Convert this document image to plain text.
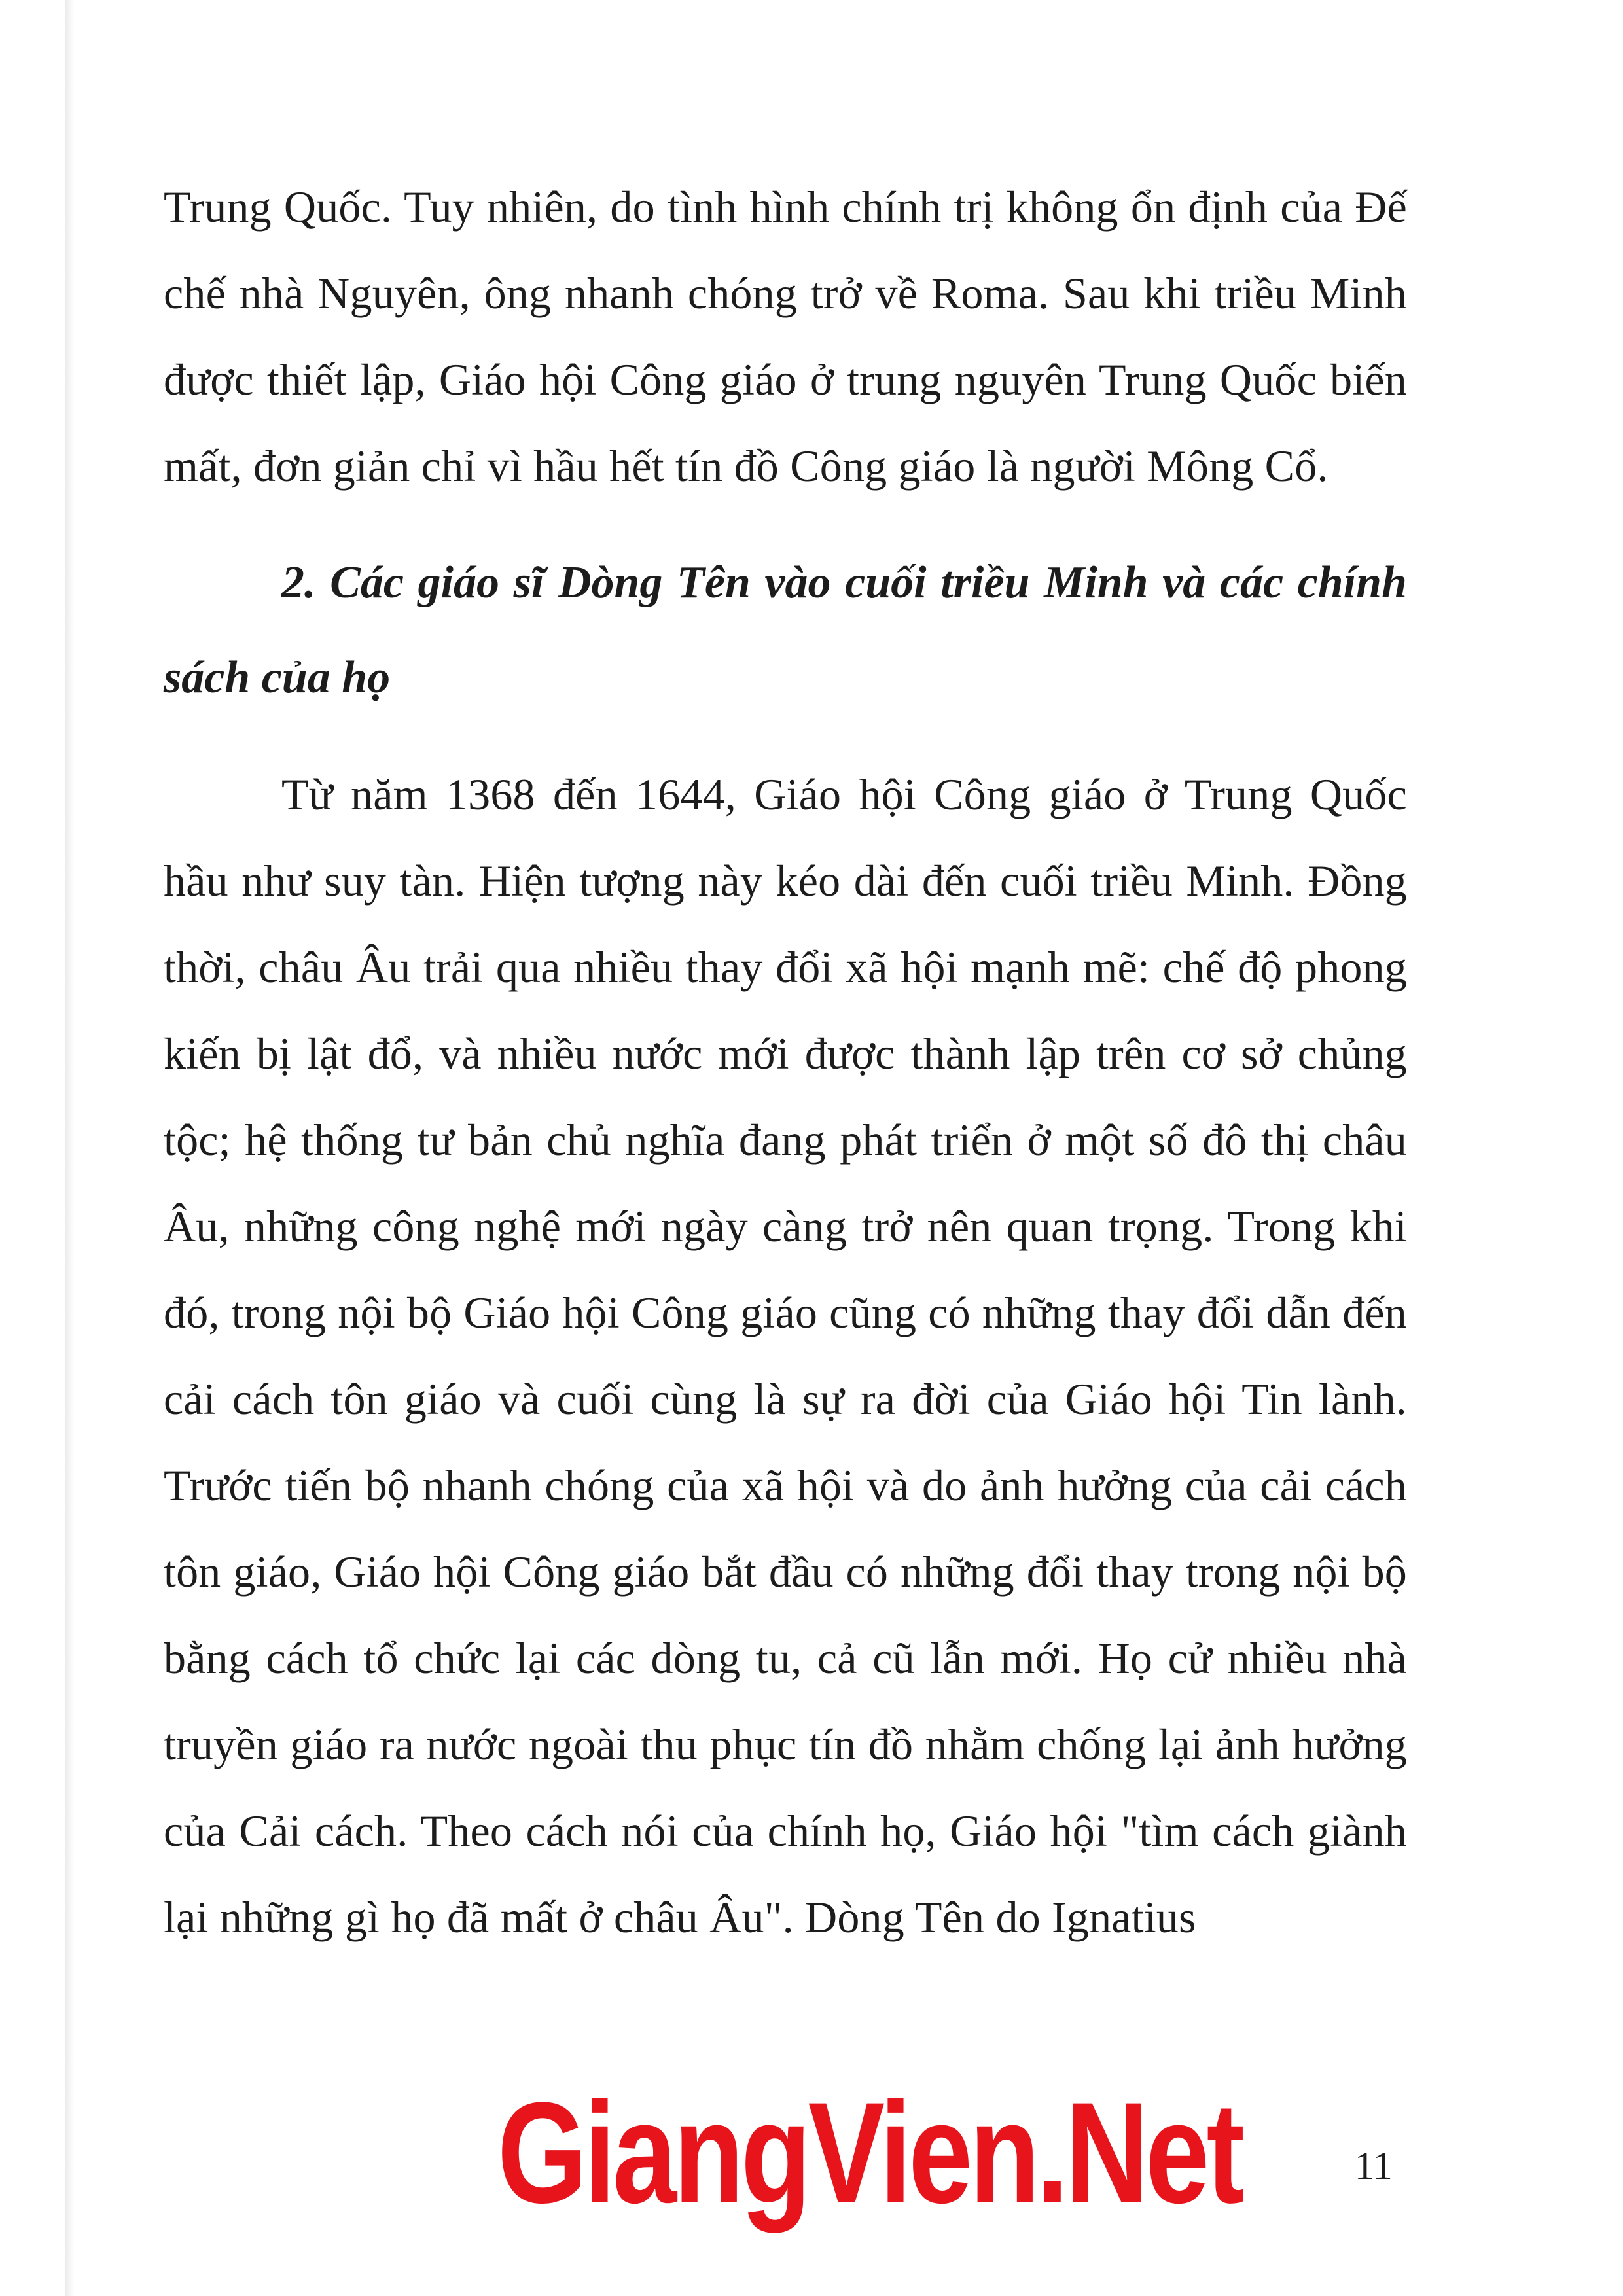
Trung Quốc. Tuy nhiên, do tình hình chính trị không ổn định của Đế chế nhà Nguyên, ông nhanh chóng trở về Roma. Sau khi triều Minh được thiết lập, Giáo hội Công giáo ở trung nguyên Trung Quốc biến mất, đơn giản chỉ vì hầu hết tín đồ Công giáo là người Mông Cổ.

2. Các giáo sĩ Dòng Tên vào cuối triều Minh và các chính sách của họ

Từ năm 1368 đến 1644, Giáo hội Công giáo ở Trung Quốc hầu như suy tàn. Hiện tượng này kéo dài đến cuối triều Minh. Đồng thời, châu Âu trải qua nhiều thay đổi xã hội mạnh mẽ: chế độ phong kiến bị lật đổ, và nhiều nước mới được thành lập trên cơ sở chủng tộc; hệ thống tư bản chủ nghĩa đang phát triển ở một số đô thị châu Âu, những công nghệ mới ngày càng trở nên quan trọng. Trong khi đó, trong nội bộ Giáo hội Công giáo cũng có những thay đổi dẫn đến cải cách tôn giáo và cuối cùng là sự ra đời của Giáo hội Tin lành. Trước tiến bộ nhanh chóng của xã hội và do ảnh hưởng của cải cách tôn giáo, Giáo hội Công giáo bắt đầu có những đổi thay trong nội bộ bằng cách tổ chức lại các dòng tu, cả cũ lẫn mới. Họ cử nhiều nhà truyền giáo ra nước ngoài thu phục tín đồ nhằm chống lại ảnh hưởng của Cải cách. Theo cách nói của chính họ, Giáo hội "tìm cách giành lại những gì họ đã mất ở châu Âu". Dòng Tên do Ignatius

GiangVien.Net	11
